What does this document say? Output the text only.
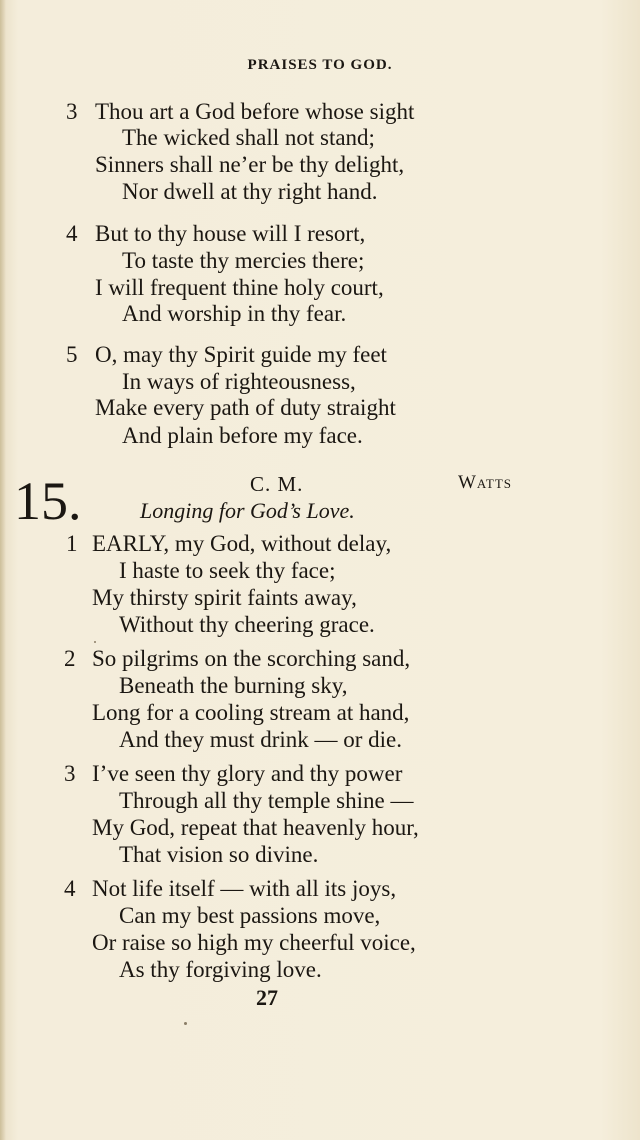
PRAISES TO GOD.
3 Thou art a God before whose sight
The wicked shall not stand;
Sinners shall ne’er be thy delight,
Nor dwell at thy right hand.
4 But to thy house will I resort,
To taste thy mercies there;
I will frequent thine holy court,
And worship in thy fear.
5 O, may thy Spirit guide my feet
In ways of righteousness,
Make every path of duty straight
And plain before my face.
15.	C. M.	Watts
Longing for God’s Love.
1 EARLY, my God, without delay,
I haste to seek thy face;
My thirsty spirit faints away,
Without thy cheering grace.
2 So pilgrims on the scorching sand,
Beneath the burning sky,
Long for a cooling stream at hand,
And they must drink — or die.
3 I’ve seen thy glory and thy power
Through all thy temple shine —
My God, repeat that heavenly hour,
That vision so divine.
4 Not life itself — with all its joys,
Can my best passions move,
Or raise so high my cheerful voice,
As thy forgiving love.
27
